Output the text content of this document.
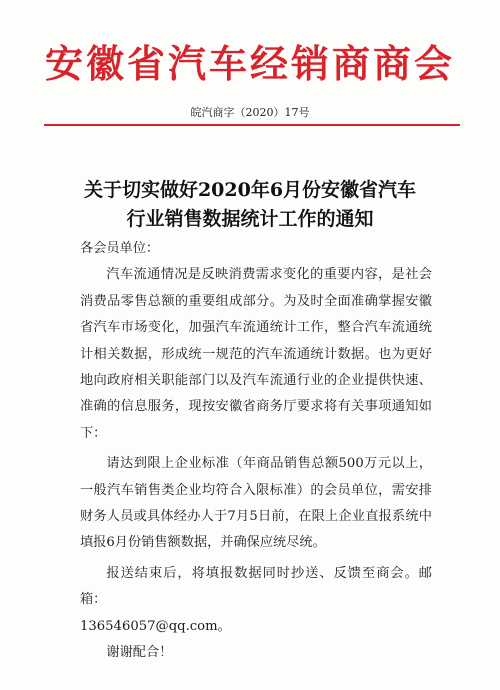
安徽省汽车经销商商会
皖汽商字（2020）17号
关于切实做好2020年6月份安徽省汽车
行业销售数据统计工作的通知

各会员单位：

汽车流通情况是反映消费需求变化的重要内容，是社会消费品零售总额的重要组成部分。为及时全面准确掌握安徽省汽车市场变化，加强汽车流通统计工作，整合汽车流通统计相关数据，形成统一规范的汽车流通统计数据。也为更好地向政府相关职能部门以及汽车流通行业的企业提供快速、准确的信息服务，现按安徽省商务厅要求将有关事项通知如下：

请达到限上企业标准（年商品销售总额500万元以上，一般汽车销售类企业均符合入限标准）的会员单位，需安排财务人员或具体经办人于7月5日前，在限上企业直报系统中填报6月份销售额数据，并确保应统尽统。

报送结束后，将填报数据同时抄送、反馈至商会。邮箱：

136546057@qq.com。

谢谢配合！
